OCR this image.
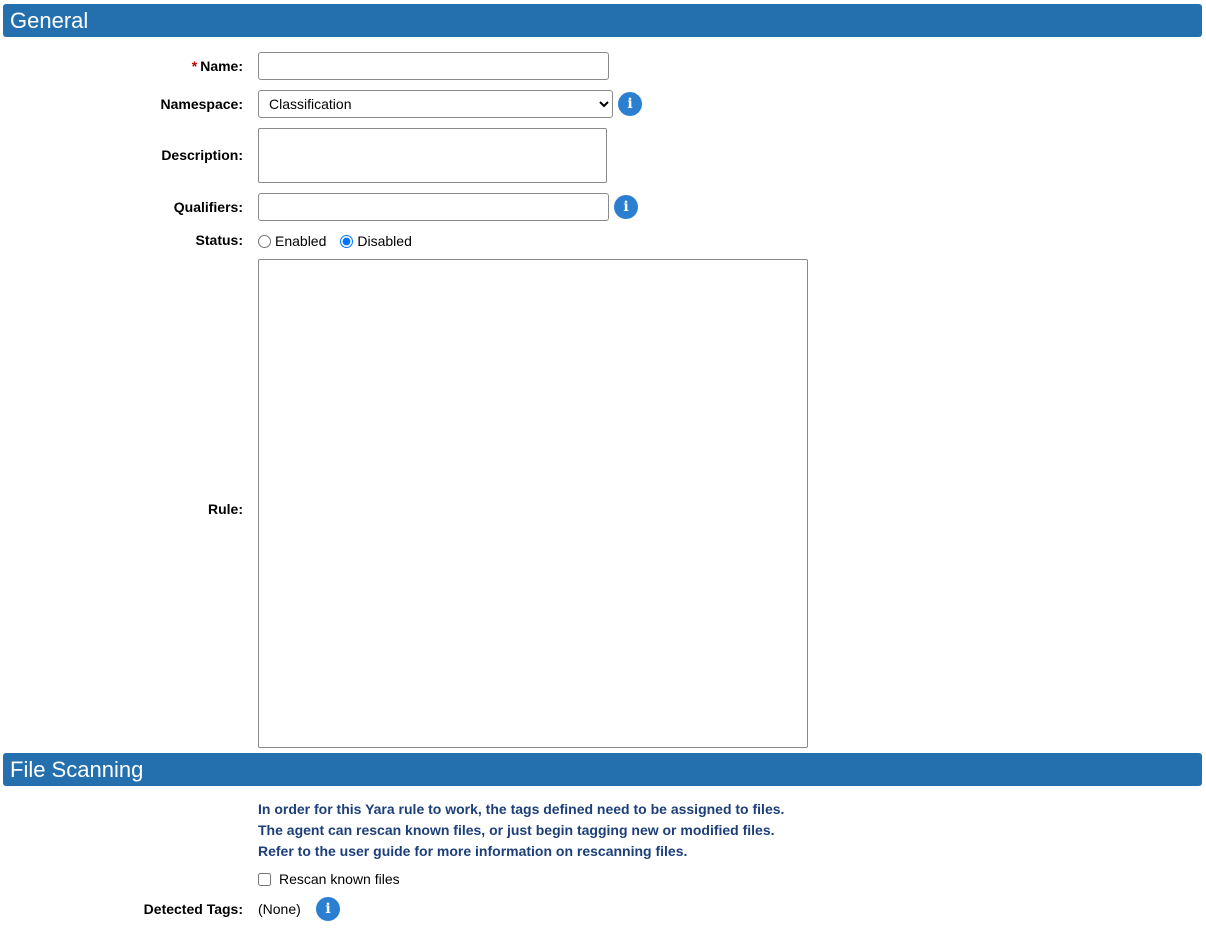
General
* Name:
Namespace:
Classification	i
Description:
Qualifiers:	i
Status: Enabled Disabled
Rule:
File Scanning
In order for this Yara rule to work, the tags defined need to be assigned to files.
The agent can rescan known files, or just begin tagging new or modified files.
Refer to the user guide for more information on rescanning files.
Rescan known files
Detected Tags: (None)	i
